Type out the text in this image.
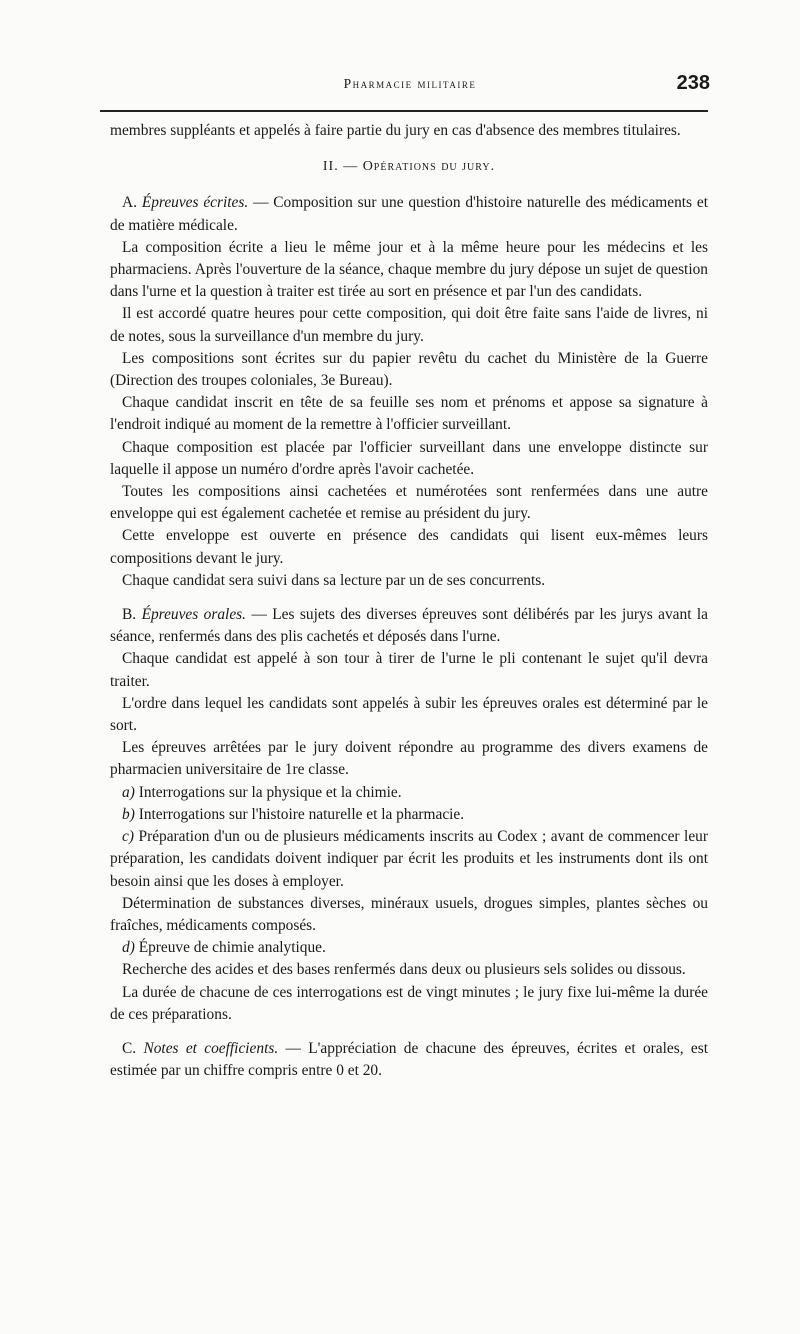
Pharmacie militaire	238

membres suppléants et appelés à faire partie du jury en cas d'absence des membres titulaires.

II. — Opérations du jury.

A. Épreuves écrites. — Composition sur une question d'histoire naturelle des médicaments et de matière médicale.

La composition écrite a lieu le même jour et à la même heure pour les médecins et les pharmaciens. Après l'ouverture de la séance, chaque membre du jury dépose un sujet de question dans l'urne et la question à traiter est tirée au sort en présence et par l'un des candidats.

Il est accordé quatre heures pour cette composition, qui doit être faite sans l'aide de livres, ni de notes, sous la surveillance d'un membre du jury.

Les compositions sont écrites sur du papier revêtu du cachet du Ministère de la Guerre (Direction des troupes coloniales, 3e Bureau).

Chaque candidat inscrit en tête de sa feuille ses nom et prénoms et appose sa signature à l'endroit indiqué au moment de la remettre à l'officier surveillant.

Chaque composition est placée par l'officier surveillant dans une enveloppe distincte sur laquelle il appose un numéro d'ordre après l'avoir cachetée.

Toutes les compositions ainsi cachetées et numérotées sont renfermées dans une autre enveloppe qui est également cachetée et remise au président du jury.

Cette enveloppe est ouverte en présence des candidats qui lisent eux-mêmes leurs compositions devant le jury.

Chaque candidat sera suivi dans sa lecture par un de ses concurrents.

B. Épreuves orales. — Les sujets des diverses épreuves sont délibérés par les jurys avant la séance, renfermés dans des plis cachetés et déposés dans l'urne.

Chaque candidat est appelé à son tour à tirer de l'urne le pli contenant le sujet qu'il devra traiter.

L'ordre dans lequel les candidats sont appelés à subir les épreuves orales est déterminé par le sort.

Les épreuves arrêtées par le jury doivent répondre au programme des divers examens de pharmacien universitaire de 1re classe.

a) Interrogations sur la physique et la chimie.

b) Interrogations sur l'histoire naturelle et la pharmacie.

c) Préparation d'un ou de plusieurs médicaments inscrits au Codex ; avant de commencer leur préparation, les candidats doivent indiquer par écrit les produits et les instruments dont ils ont besoin ainsi que les doses à employer.

Détermination de substances diverses, minéraux usuels, drogues simples, plantes sèches ou fraîches, médicaments composés.

d) Épreuve de chimie analytique.

Recherche des acides et des bases renfermés dans deux ou plusieurs sels solides ou dissous.

La durée de chacune de ces interrogations est de vingt minutes ; le jury fixe lui-même la durée de ces préparations.

C. Notes et coefficients. — L'appréciation de chacune des épreuves, écrites et orales, est estimée par un chiffre compris entre 0 et 20.
